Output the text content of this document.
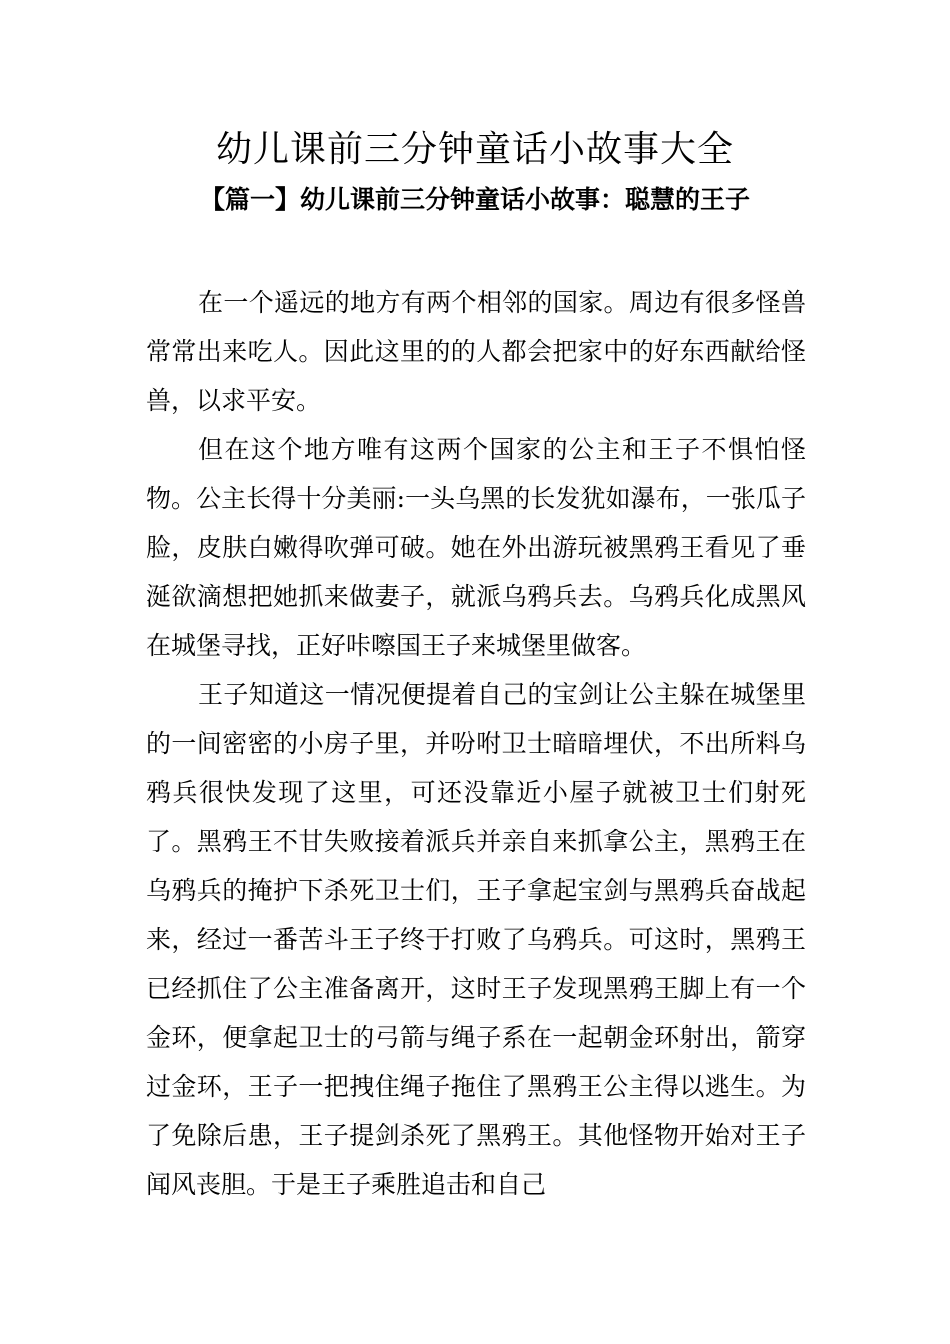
幼儿课前三分钟童话小故事大全
【篇一】幼儿课前三分钟童话小故事：聪慧的王子

在一个遥远的地方有两个相邻的国家。周边有很多怪兽常常出来吃人。因此这里的的人都会把家中的好东西献给怪兽，以求平安。

但在这个地方唯有这两个国家的公主和王子不惧怕怪物。公主长得十分美丽:一头乌黑的长发犹如瀑布，一张瓜子脸，皮肤白嫩得吹弹可破。她在外出游玩被黑鸦王看见了垂涎欲滴想把她抓来做妻子，就派乌鸦兵去。乌鸦兵化成黑风在城堡寻找，正好咔嚓国王子来城堡里做客。

王子知道这一情况便提着自己的宝剑让公主躲在城堡里的一间密密的小房子里，并吩咐卫士暗暗埋伏，不出所料乌鸦兵很快发现了这里，可还没靠近小屋子就被卫士们射死了。黑鸦王不甘失败接着派兵并亲自来抓拿公主，黑鸦王在乌鸦兵的掩护下杀死卫士们，王子拿起宝剑与黑鸦兵奋战起来，经过一番苦斗王子终于打败了乌鸦兵。可这时，黑鸦王已经抓住了公主准备离开，这时王子发现黑鸦王脚上有一个金环，便拿起卫士的弓箭与绳子系在一起朝金环射出，箭穿过金环，王子一把拽住绳子拖住了黑鸦王公主得以逃生。为了免除后患，王子提剑杀死了黑鸦王。其他怪物开始对王子闻风丧胆。于是王子乘胜追击和自己
